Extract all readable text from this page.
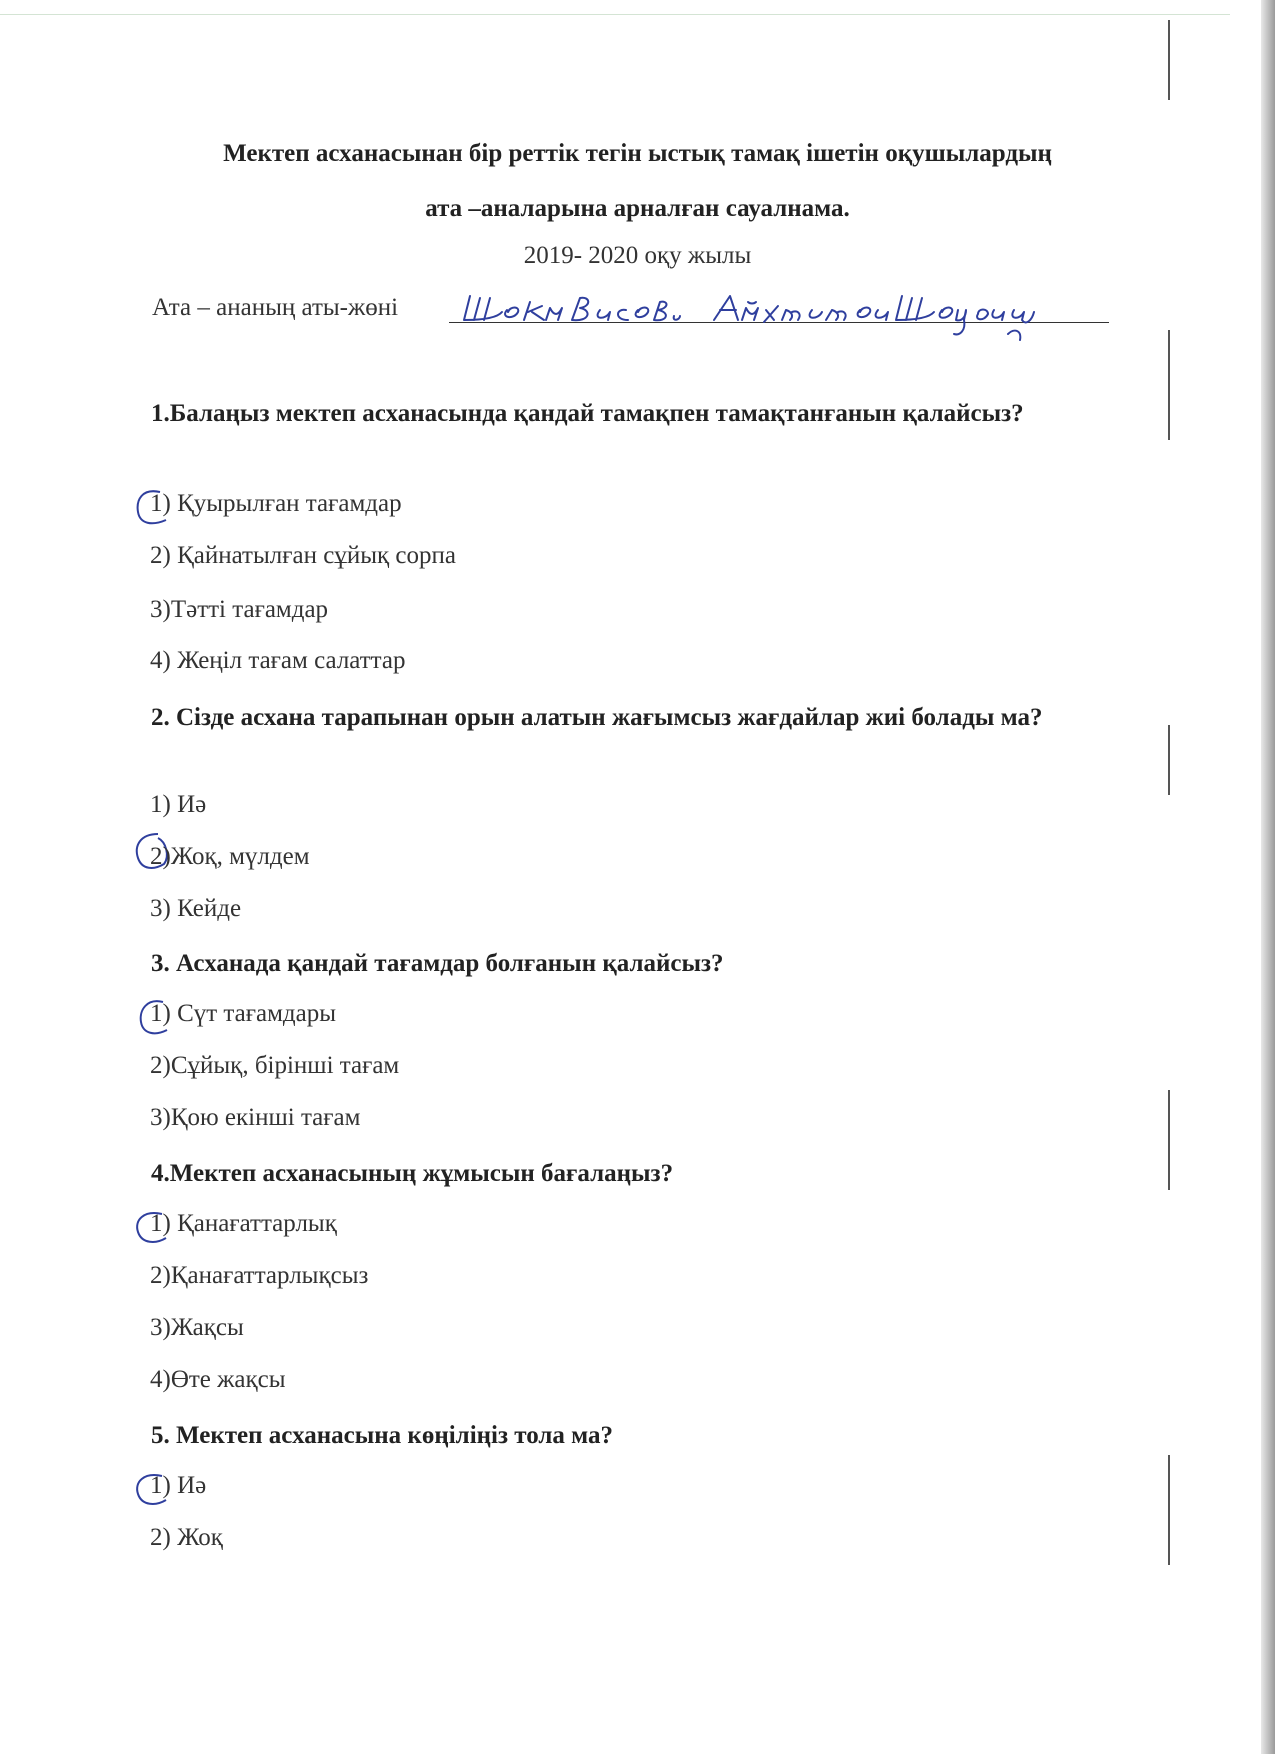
Мектеп асханасынан бір реттік тегін ыстық тамақ ішетін оқушылардың
ата –аналарына арналған сауалнама.
2019- 2020 оқу жылы
Ата – ананың аты-жөні
1.Балаңыз мектеп асханасында қандай тамақпен тамақтанғанын қалайсыз?
1) Қуырылған тағамдар
2) Қайнатылған сұйық сорпа
3)Тәтті тағамдар
4) Жеңіл тағам салаттар
2. Сізде асхана тарапынан орын алатын жағымсыз жағдайлар жиі болады ма?
1) Иә
2)Жоқ, мүлдем
3) Кейде
3. Асханада қандай тағамдар болғанын қалайсыз?
1) Сүт тағамдары
2)Сұйық, бірінші тағам
3)Қою екінші тағам
4.Мектеп асханасының жұмысын бағалаңыз?
1) Қанағаттарлық
2)Қанағаттарлықсыз
3)Жақсы
4)Өте жақсы
5. Мектеп асханасына көңіліңіз тола ма?
1) Иә
2) Жоқ
